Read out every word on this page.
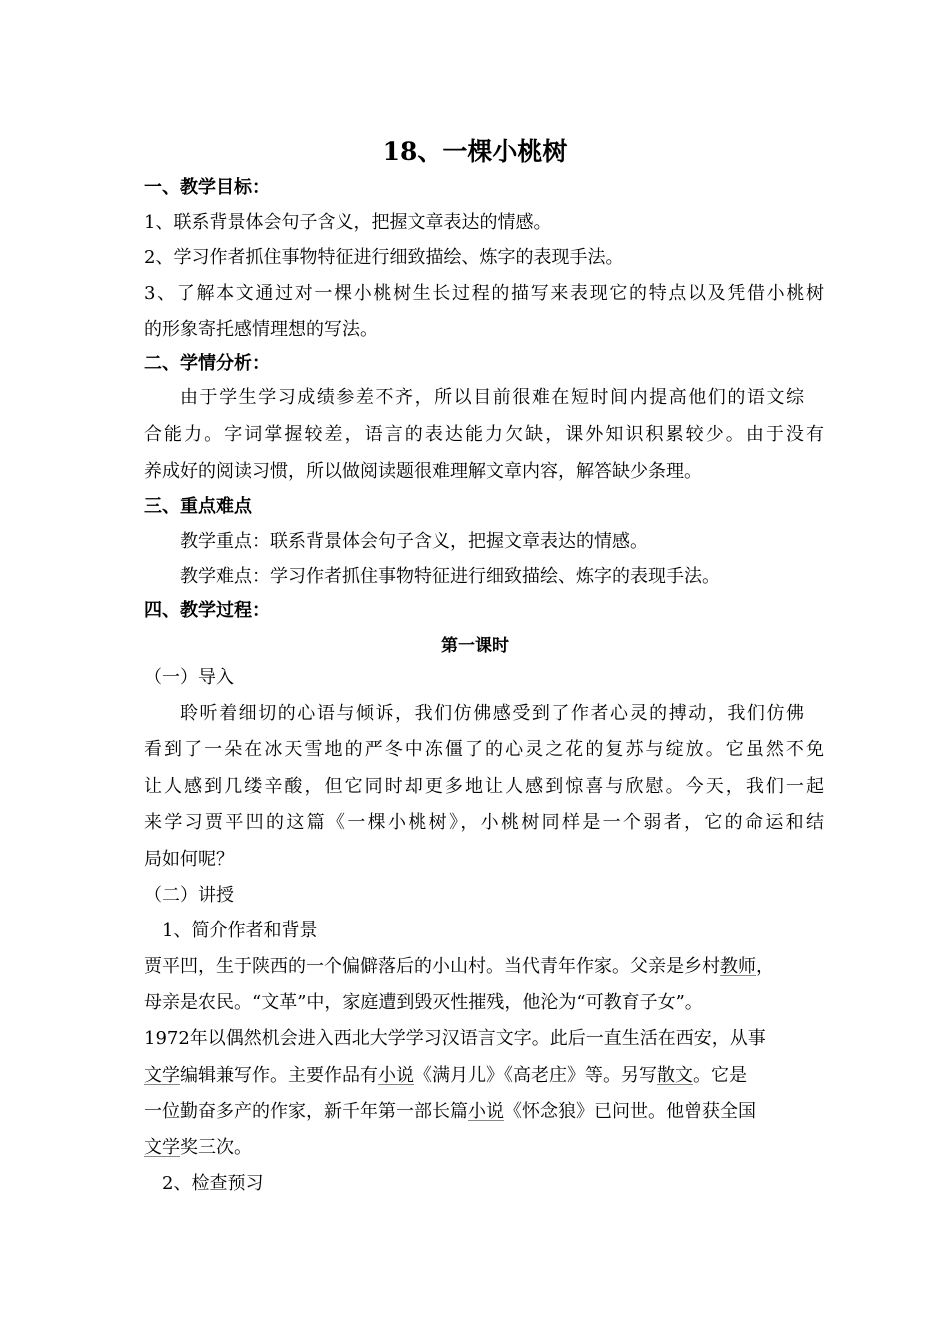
18、一棵小桃树
一、教学目标：
1、联系背景体会句子含义，把握文章表达的情感。
2、学习作者抓住事物特征进行细致描绘、炼字的表现手法。
3、了解本文通过对一棵小桃树生长过程的描写来表现它的特点以及凭借小桃树
的形象寄托感情理想的写法。
二、学情分析：
由于学生学习成绩参差不齐，所以目前很难在短时间内提高他们的语文综
合能力。字词掌握较差，语言的表达能力欠缺，课外知识积累较少。由于没有
养成好的阅读习惯，所以做阅读题很难理解文章内容，解答缺少条理。
三、重点难点
教学重点：联系背景体会句子含义，把握文章表达的情感。
教学难点：学习作者抓住事物特征进行细致描绘、炼字的表现手法。
四、教学过程：
第一课时
（一）导入
聆听着细切的心语与倾诉，我们仿佛感受到了作者心灵的搏动，我们仿佛
看到了一朵在冰天雪地的严冬中冻僵了的心灵之花的复苏与绽放。它虽然不免
让人感到几缕辛酸，但它同时却更多地让人感到惊喜与欣慰。今天，我们一起
来学习贾平凹的这篇《一棵小桃树》，小桃树同样是一个弱者，它的命运和结
局如何呢？
（二）讲授
1、简介作者和背景
贾平凹，生于陕西的一个偏僻落后的小山村。当代青年作家。父亲是乡村教师，
母亲是农民。“文革”中，家庭遭到毁灭性摧残，他沦为“可教育子女”。
1972年以偶然机会进入西北大学学习汉语言文字。此后一直生活在西安，从事
文学编辑兼写作。主要作品有小说《满月儿》《高老庄》等。另写散文。它是
一位勤奋多产的作家，新千年第一部长篇小说《怀念狼》已问世。他曾获全国
文学奖三次。
2、检查预习
